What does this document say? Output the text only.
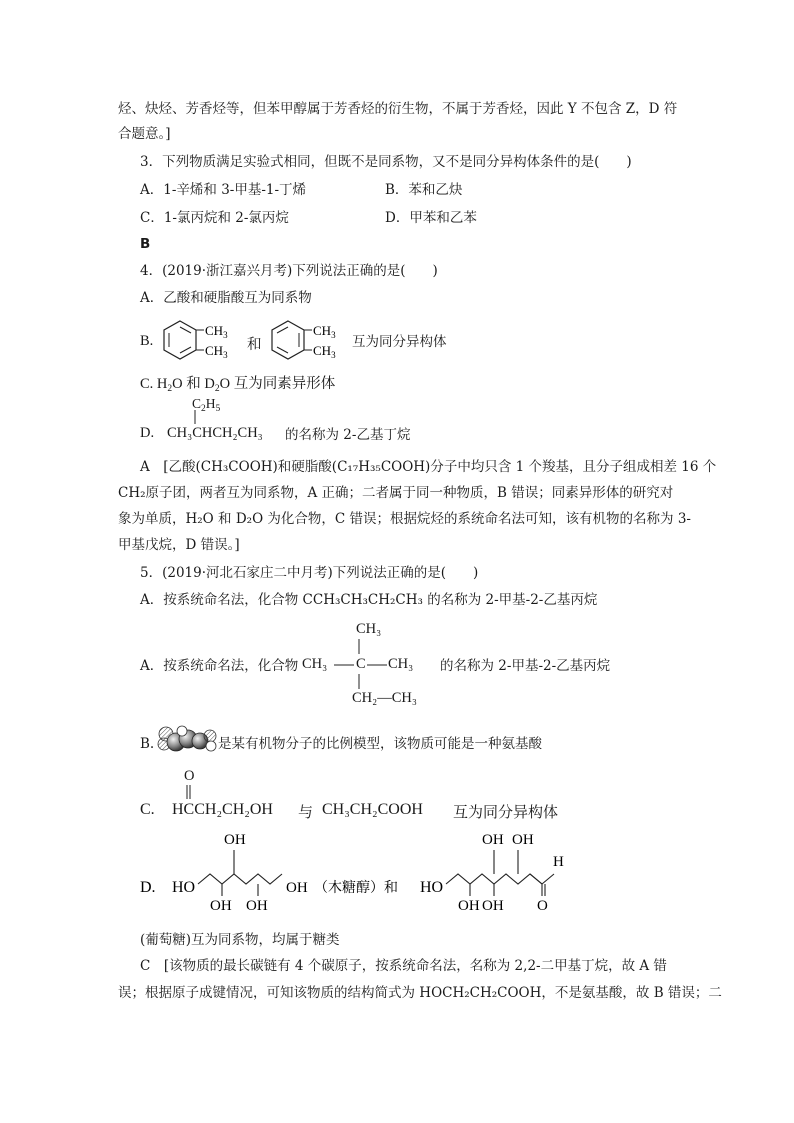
烃、炔烃、芳香烃等，但苯甲醇属于芳香烃的衍生物，不属于芳香烃，因此 Y 不包含 Z，D 符
合题意。]
3．下列物质满足实验式相同，但既不是同系物，又不是同分异构体条件的是(　　)
A．1-辛烯和 3-甲基-1-丁烯	B．苯和乙炔
C．1-氯丙烷和 2-氯丙烷	D．甲苯和乙苯
B
4．(2019·浙江嘉兴月考)下列说法正确的是(　　)
A．乙酸和硬脂酸互为同系物
B.
$CH_3$
$CH_3$
和
$CH_3$
$CH_3$
互为同分异构体
C. $H_2O$ 和 $D_2O$ 互为同素异形体
$C_2H_5$
D. CH₃CHCH₂CH₃ 的名称为 2-乙基丁烷
A　[乙酸(CH₃COOH)和硬脂酸(C₁₇H₃₅COOH)分子中均只含 1 个羧基，且分子组成相差 16 个
CH₂原子团，两者互为同系物，A 正确；二者属于同一种物质，B 错误；同素异形体的研究对
象为单质，H₂O 和 D₂O 为化合物，C 错误；根据烷烃的系统命名法可知，该有机物的名称为 3-
甲基戊烷，D 错误。]
5．(2019·河北石家庄二中月考)下列说法正确的是(　　)
A．按系统命名法，化合物 CCH₃CH₃CH₂CH₃ 的名称为 2-甲基-2-乙基丙烷
CH₃
A．按系统命名法，化合物 CH₃ C CH₃ 的名称为 2-甲基-2-乙基丙烷
CH₂—CH₃
B.	是某有机物分子的比例模型，该物质可能是一种氨基酸
O
C. HCCH₂CH₂OH 与 CH₃CH₂COOH 互为同分异构体
D. HO
OH
OH OH
OH （木糖醇）和 HO
OH OH
OH OH O
H
(葡萄糖)互为同系物，均属于糖类
C　[该物质的最长碳链有 4 个碳原子，按系统命名法，名称为 2,2-二甲基丁烷，故 A 错
误；根据原子成键情况，可知该物质的结构简式为 HOCH₂CH₂COOH，不是氨基酸，故 B 错误；二
